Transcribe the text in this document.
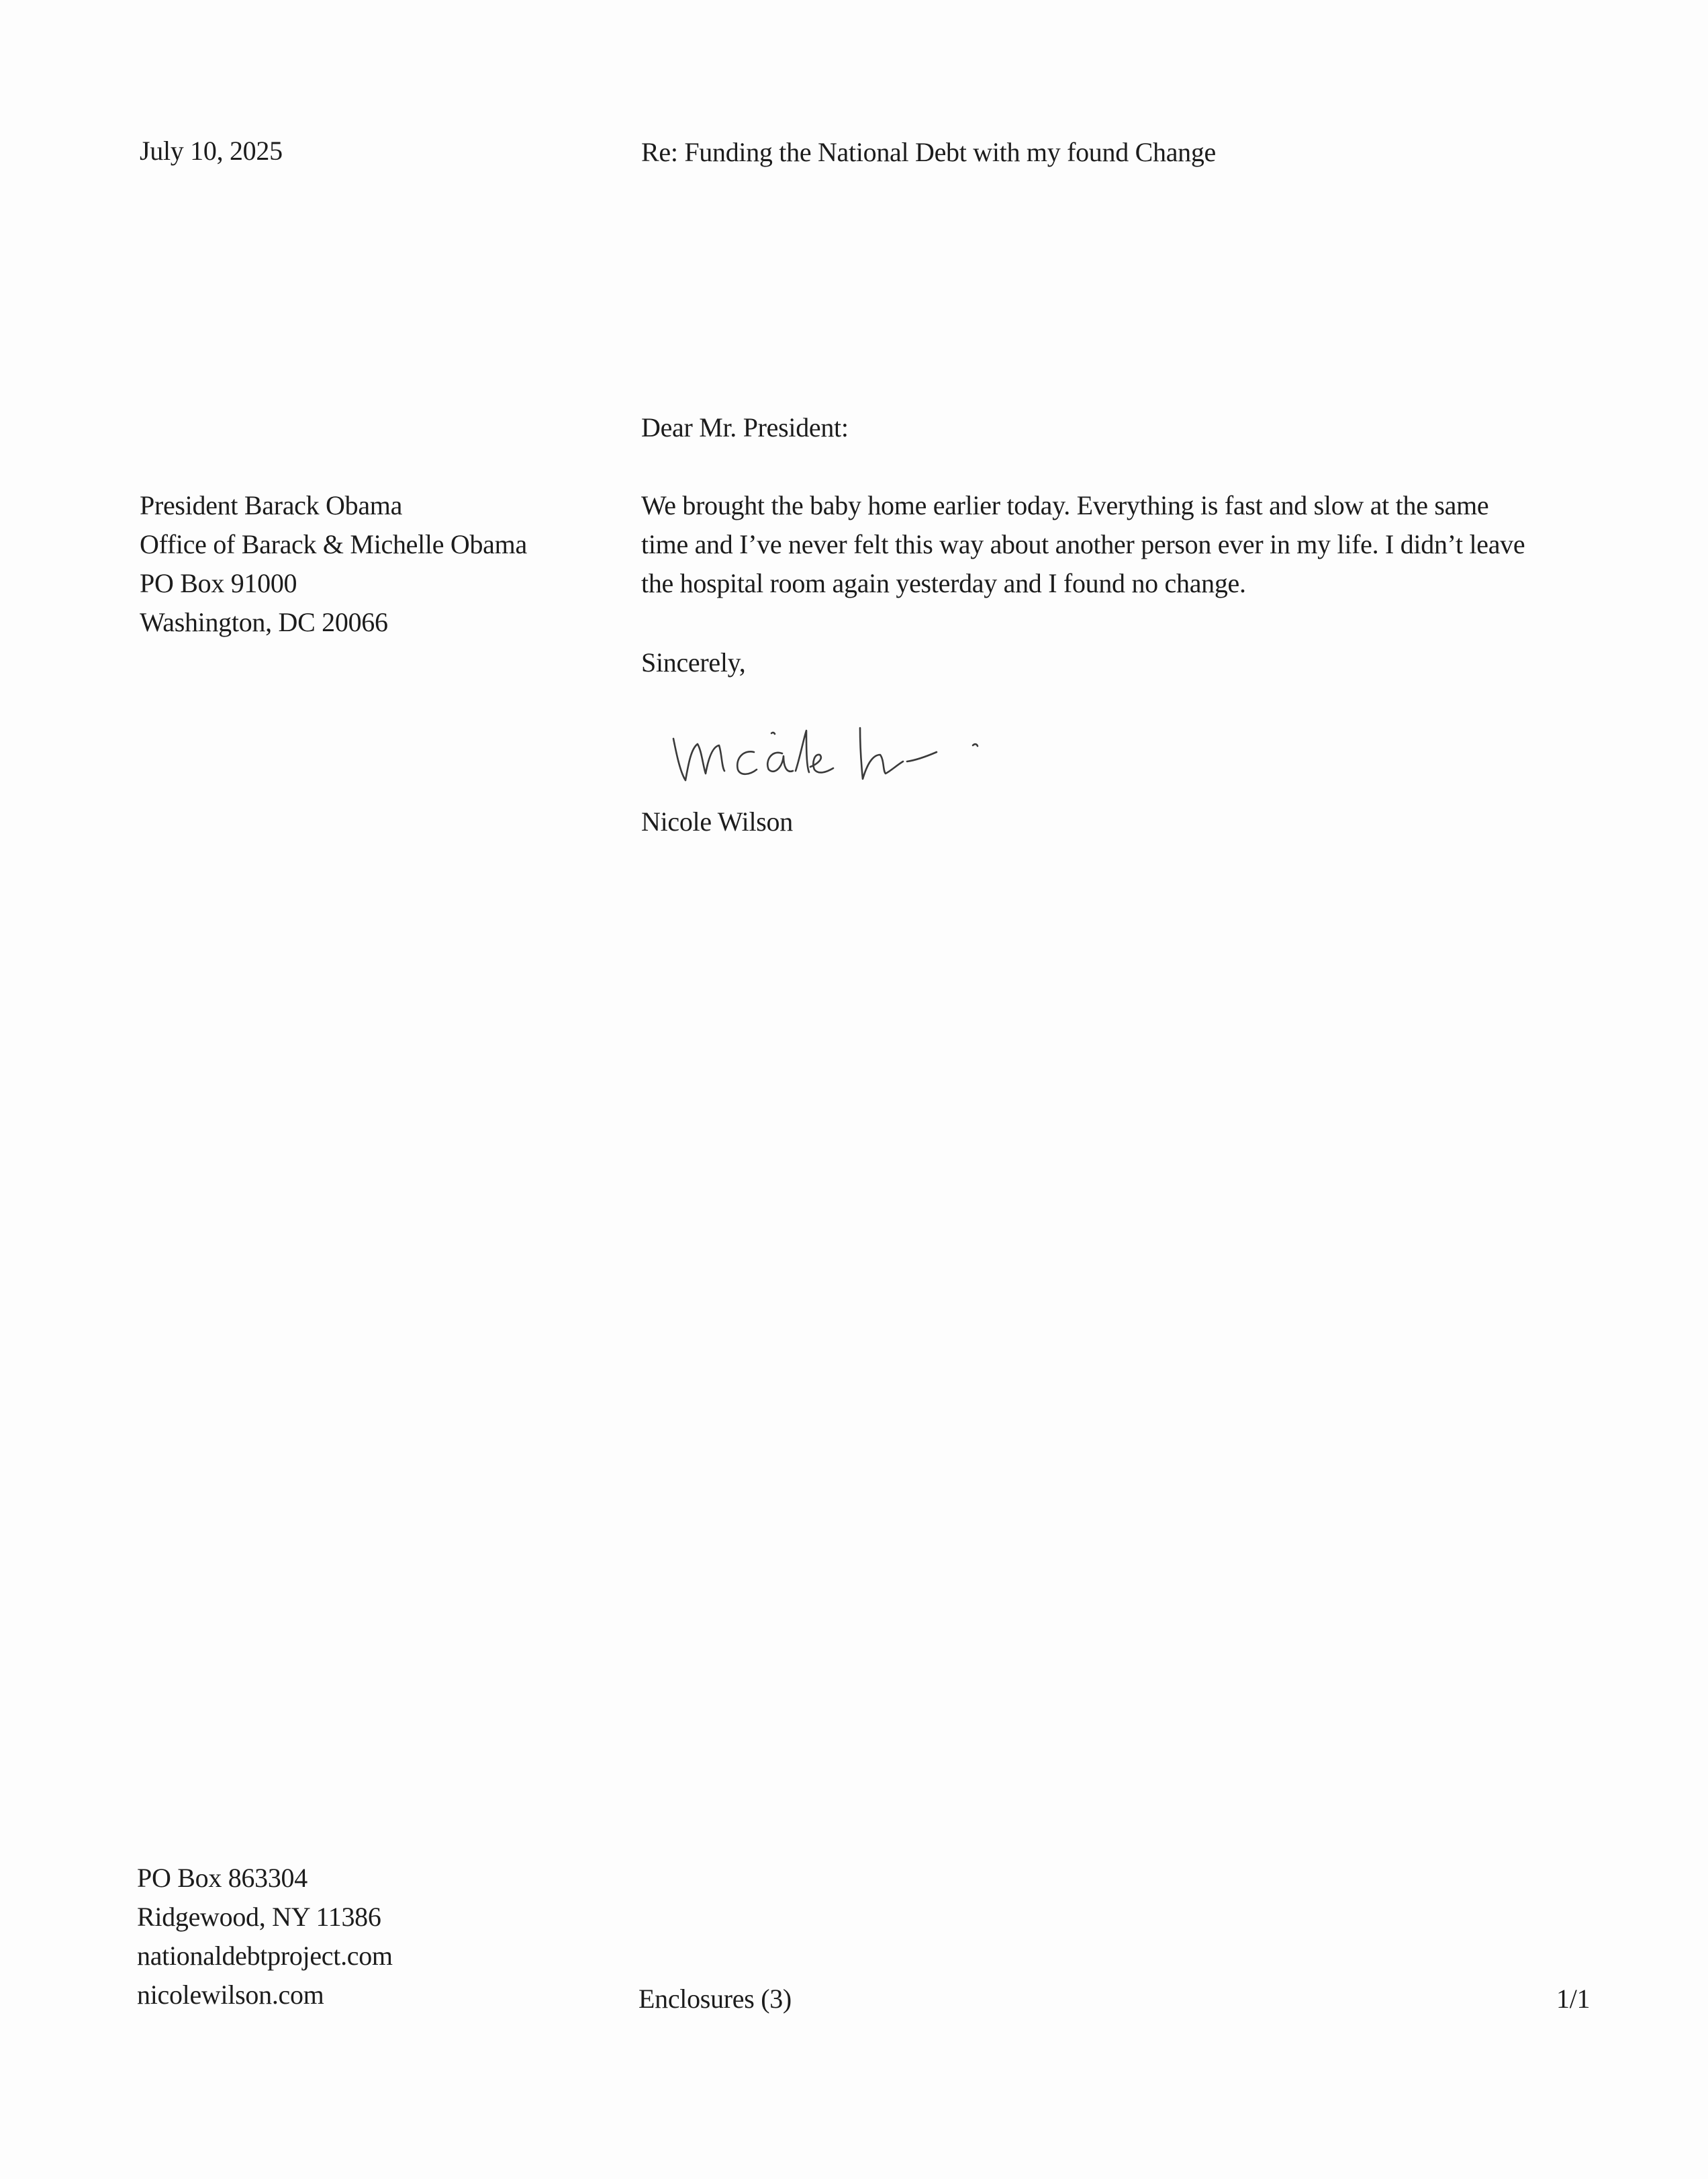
July 10, 2025	Re: Funding the National Debt with my found Change
Dear Mr. President:
President Barack Obama
Office of Barack & Michelle Obama
PO Box 91000
Washington, DC 20066
We brought the baby home earlier today. Everything is fast and slow at the same
time and I’ve never felt this way about another person ever in my life. I didn’t leave
the hospital room again yesterday and I found no change.
Sincerely,
Nicole Wilson
PO Box 863304
Ridgewood, NY 11386
nationaldebtproject.com
nicolewilson.com	Enclosures (3)	1/1
